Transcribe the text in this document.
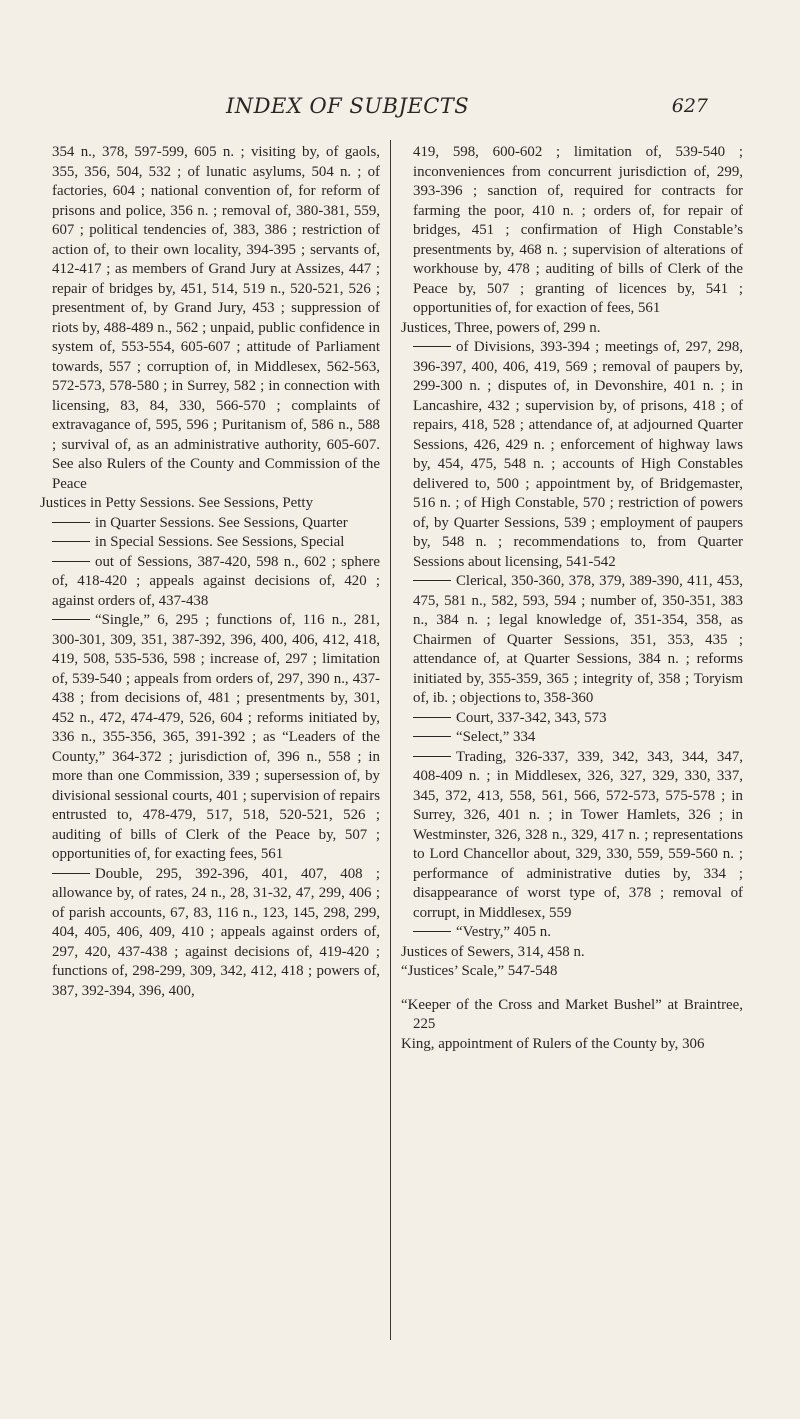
INDEX OF SUBJECTS	627

354 n., 378, 597-599, 605 n. ; visiting by, of gaols, 355, 356, 504, 532 ; of lunatic asylums, 504 n. ; of factories, 604 ; national convention of, for reform of prisons and police, 356 n. ; removal of, 380-381, 559, 607 ; political tendencies of, 383, 386 ; restriction of action of, to their own locality, 394-395 ; servants of, 412-417 ; as members of Grand Jury at Assizes, 447 ; repair of bridges by, 451, 514, 519 n., 520-521, 526 ; presentment of, by Grand Jury, 453 ; suppression of riots by, 488-489 n., 562 ; unpaid, public confidence in system of, 553-554, 605-607 ; attitude of Parliament towards, 557 ; corruption of, in Middlesex, 562-563, 572-573, 578-580 ; in Surrey, 582 ; in connection with licensing, 83, 84, 330, 566-570 ; complaints of extravagance of, 595, 596 ; Puritanism of, 586 n., 588 ; survival of, as an administrative authority, 605-607. See also Rulers of the County and Commission of the Peace

Justices in Petty Sessions. See Sessions, Petty

in Quarter Sessions. See Sessions, Quarter

in Special Sessions. See Sessions, Special

out of Sessions, 387-420, 598 n., 602 ; sphere of, 418-420 ; appeals against decisions of, 420 ; against orders of, 437-438

“Single,” 6, 295 ; functions of, 116 n., 281, 300-301, 309, 351, 387-392, 396, 400, 406, 412, 418, 419, 508, 535-536, 598 ; increase of, 297 ; limitation of, 539-540 ; appeals from orders of, 297, 390 n., 437-438 ; from decisions of, 481 ; presentments by, 301, 452 n., 472, 474-479, 526, 604 ; reforms initiated by, 336 n., 355-356, 365, 391-392 ; as “Leaders of the County,” 364-372 ; jurisdiction of, 396 n., 558 ; in more than one Commission, 339 ; supersession of, by divisional sessional courts, 401 ; supervision of repairs entrusted to, 478-479, 517, 518, 520-521, 526 ; auditing of bills of Clerk of the Peace by, 507 ; opportunities of, for exacting fees, 561

Double, 295, 392-396, 401, 407, 408 ; allowance by, of rates, 24 n., 28, 31-32, 47, 299, 406 ; of parish accounts, 67, 83, 116 n., 123, 145, 298, 299, 404, 405, 406, 409, 410 ; appeals against orders of, 297, 420, 437-438 ; against decisions of, 419-420 ; functions of, 298-299, 309, 342, 412, 418 ; powers of, 387, 392-394, 396, 400,

419, 598, 600-602 ; limitation of, 539-540 ; inconveniences from concurrent jurisdiction of, 299, 393-396 ; sanction of, required for contracts for farming the poor, 410 n. ; orders of, for repair of bridges, 451 ; confirmation of High Constable’s presentments by, 468 n. ; supervision of alterations of workhouse by, 478 ; auditing of bills of Clerk of the Peace by, 507 ; granting of licences by, 541 ; opportunities of, for exaction of fees, 561

Justices, Three, powers of, 299 n.

of Divisions, 393-394 ; meetings of, 297, 298, 396-397, 400, 406, 419, 569 ; removal of paupers by, 299-300 n. ; disputes of, in Devonshire, 401 n. ; in Lancashire, 432 ; supervision by, of prisons, 418 ; of repairs, 418, 528 ; attendance of, at adjourned Quarter Sessions, 426, 429 n. ; enforcement of highway laws by, 454, 475, 548 n. ; accounts of High Constables delivered to, 500 ; appointment by, of Bridgemaster, 516 n. ; of High Constable, 570 ; restriction of powers of, by Quarter Sessions, 539 ; employment of paupers by, 548 n. ; recommendations to, from Quarter Sessions about licensing, 541-542

Clerical, 350-360, 378, 379, 389-390, 411, 453, 475, 581 n., 582, 593, 594 ; number of, 350-351, 383 n., 384 n. ; legal knowledge of, 351-354, 358, as Chairmen of Quarter Sessions, 351, 353, 435 ; attendance of, at Quarter Sessions, 384 n. ; reforms initiated by, 355-359, 365 ; integrity of, 358 ; Toryism of, ib. ; objections to, 358-360

Court, 337-342, 343, 573

“Select,” 334

Trading, 326-337, 339, 342, 343, 344, 347, 408-409 n. ; in Middlesex, 326, 327, 329, 330, 337, 345, 372, 413, 558, 561, 566, 572-573, 575-578 ; in Surrey, 326, 401 n. ; in Tower Hamlets, 326 ; in Westminster, 326, 328 n., 329, 417 n. ; representations to Lord Chancellor about, 329, 330, 559, 559-560 n. ; performance of administrative duties by, 334 ; disappearance of worst type of, 378 ; removal of corrupt, in Middlesex, 559

“Vestry,” 405 n.

Justices of Sewers, 314, 458 n.

“Justices’ Scale,” 547-548

“Keeper of the Cross and Market Bushel” at Braintree, 225

King, appointment of Rulers of the County by, 306
